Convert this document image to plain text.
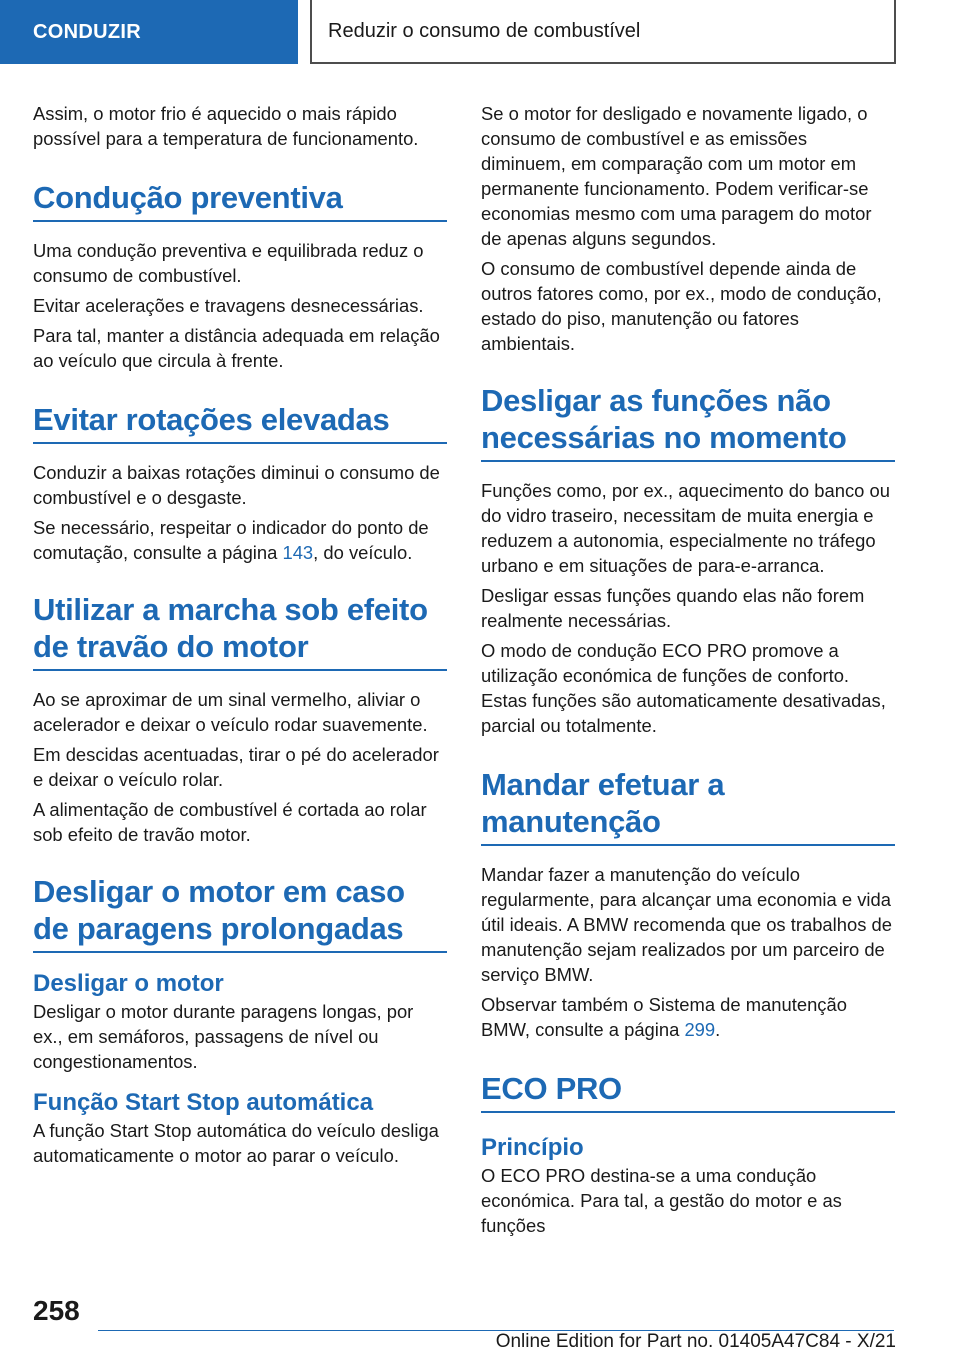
CONDUZIR	Reduzir o consumo de combustível

Assim, o motor frio é aquecido o mais rápido possível para a temperatura de funcionamento.

Condução preventiva

Uma condução preventiva e equilibrada reduz o consumo de combustível.

Evitar acelerações e travagens desnecessárias.

Para tal, manter a distância adequada em relação ao veículo que circula à frente.

Evitar rotações elevadas

Conduzir a baixas rotações diminui o consumo de combustível e o desgaste.

Se necessário, respeitar o indicador do ponto de comutação, consulte a página 143, do veículo.

Utilizar a marcha sob efeito de travão do motor

Ao se aproximar de um sinal vermelho, aliviar o acelerador e deixar o veículo rodar suavemente.

Em descidas acentuadas, tirar o pé do acelerador e deixar o veículo rolar.

A alimentação de combustível é cortada ao rolar sob efeito de travão motor.

Desligar o motor em caso de paragens prolongadas
Desligar o motor

Desligar o motor durante paragens longas, por ex., em semáforos, passagens de nível ou congestionamentos.

Função Start Stop automática

A função Start Stop automática do veículo desliga automaticamente o motor ao parar o veículo.

Se o motor for desligado e novamente ligado, o consumo de combustível e as emissões diminuem, em comparação com um motor em permanente funcionamento. Podem verificar-se economias mesmo com uma paragem do motor de apenas alguns segundos.

O consumo de combustível depende ainda de outros fatores como, por ex., modo de condução, estado do piso, manutenção ou fatores ambientais.

Desligar as funções não necessárias no momento

Funções como, por ex., aquecimento do banco ou do vidro traseiro, necessitam de muita energia e reduzem a autonomia, especialmente no tráfego urbano e em situações de para-e-arranca.

Desligar essas funções quando elas não forem realmente necessárias.

O modo de condução ECO PRO promove a utilização económica de funções de conforto. Estas funções são automaticamente desativadas, parcial ou totalmente.

Mandar efetuar a manutenção

Mandar fazer a manutenção do veículo regularmente, para alcançar uma economia e vida útil ideais. A BMW recomenda que os trabalhos de manutenção sejam realizados por um parceiro de serviço BMW.

Observar também o Sistema de manutenção BMW, consulte a página 299.

ECO PRO
Princípio

O ECO PRO destina-se a uma condução económica. Para tal, a gestão do motor e as funções

258
Online Edition for Part no. 01405A47C84 - X/21
